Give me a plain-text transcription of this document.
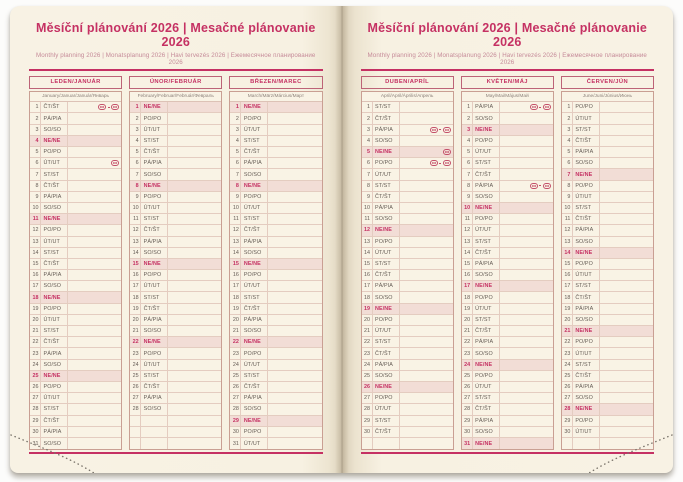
Měsíční plánování 2026 | Mesačné plánovanie 2026
Monthly planning 2026 | Monatsplanung 2026 | Havi tervezés 2026 | Ежемесячное планирование 2026
LEDEN/JANUÁR
January/Januar/Január/Январь
1 ČT/ŠT
2 PÁ/PIA
3 SO/SO
4 NE/NE
5 PO/PO
6 ÚT/UT
7 ST/ST
8 ČT/ŠT
9 PÁ/PIA
10 SO/SO
11 NE/NE
12 PO/PO
13 ÚT/UT
14 ST/ST
15 ČT/ŠT
16 PÁ/PIA
17 SO/SO
18 NE/NE
19 PO/PO
20 ÚT/UT
21 ST/ST
22 ČT/ŠT
23 PÁ/PIA
24 SO/SO
25 NE/NE
26 PO/PO
27 ÚT/UT
28 ST/ST
29 ČT/ŠT
30 PÁ/PIA
31 SO/SO
ÚNOR/FEBRUÁR
February/Februar/Február/Февраль
1 NE/NE
2 PO/PO
3 ÚT/UT
4 ST/ST
5 ČT/ŠT
6 PÁ/PIA
7 SO/SO
8 NE/NE
9 PO/PO
10 ÚT/UT
11 ST/ST
12 ČT/ŠT
13 PÁ/PIA
14 SO/SO
15 NE/NE
16 PO/PO
17 ÚT/UT
18 ST/ST
19 ČT/ŠT
20 PÁ/PIA
21 SO/SO
22 NE/NE
23 PO/PO
24 ÚT/UT
25 ST/ST
26 ČT/ŠT
27 PÁ/PIA
28 SO/SO
BŘEZEN/MAREC
March/März/Március/Март
1 NE/NE
2 PO/PO
3 ÚT/UT
4 ST/ST
5 ČT/ŠT
6 PÁ/PIA
7 SO/SO
8 NE/NE
9 PO/PO
10 ÚT/UT
11 ST/ST
12 ČT/ŠT
13 PÁ/PIA
14 SO/SO
15 NE/NE
16 PO/PO
17 ÚT/UT
18 ST/ST
19 ČT/ŠT
20 PÁ/PIA
21 SO/SO
22 NE/NE
23 PO/PO
24 ÚT/UT
25 ST/ST
26 ČT/ŠT
27 PÁ/PIA
28 SO/SO
29 NE/NE
30 PO/PO
31 ÚT/UT
Měsíční plánování 2026 | Mesačné plánovanie 2026
Monthly planning 2026 | Monatsplanung 2026 | Havi tervezés 2026 | Ежемесячное планирование 2026
DUBEN/APRÍL
April/April/Április/Апрель
1 ST/ST
2 ČT/ŠT
3 PÁ/PIA
4 SO/SO
5 NE/NE
6 PO/PO
7 ÚT/UT
8 ST/ST
9 ČT/ŠT
10 PÁ/PIA
11 SO/SO
12 NE/NE
13 PO/PO
14 ÚT/UT
15 ST/ST
16 ČT/ŠT
17 PÁ/PIA
18 SO/SO
19 NE/NE
20 PO/PO
21 ÚT/UT
22 ST/ST
23 ČT/ŠT
24 PÁ/PIA
25 SO/SO
26 NE/NE
27 PO/PO
28 ÚT/UT
29 ST/ST
30 ČT/ŠT
KVĚTEN/MÁJ
May/Mai/Május/Май
1 PÁ/PIA
2 SO/SO
3 NE/NE
4 PO/PO
5 ÚT/UT
6 ST/ST
7 ČT/ŠT
8 PÁ/PIA
9 SO/SO
10 NE/NE
11 PO/PO
12 ÚT/UT
13 ST/ST
14 ČT/ŠT
15 PÁ/PIA
16 SO/SO
17 NE/NE
18 PO/PO
19 ÚT/UT
20 ST/ST
21 ČT/ŠT
22 PÁ/PIA
23 SO/SO
24 NE/NE
25 PO/PO
26 ÚT/UT
27 ST/ST
28 ČT/ŠT
29 PÁ/PIA
30 SO/SO
31 NE/NE
ČERVEN/JÚN
June/Juni/Június/Июнь
1 PO/PO
2 ÚT/UT
3 ST/ST
4 ČT/ŠT
5 PÁ/PIA
6 SO/SO
7 NE/NE
8 PO/PO
9 ÚT/UT
10 ST/ST
11 ČT/ŠT
12 PÁ/PIA
13 SO/SO
14 NE/NE
15 PO/PO
16 ÚT/UT
17 ST/ST
18 ČT/ŠT
19 PÁ/PIA
20 SO/SO
21 NE/NE
22 PO/PO
23 ÚT/UT
24 ST/ST
25 ČT/ŠT
26 PÁ/PIA
27 SO/SO
28 NE/NE
29 PO/PO
30 ÚT/UT
